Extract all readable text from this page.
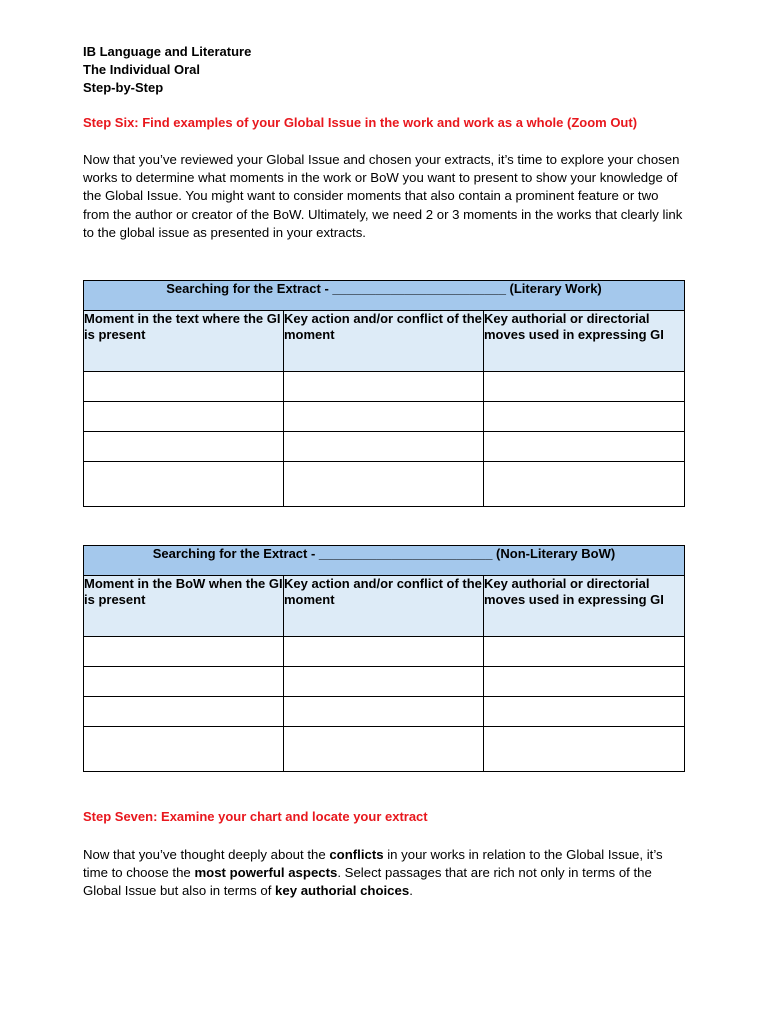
IB Language and Literature
The Individual Oral
Step-by-Step
Step Six: Find examples of your Global Issue in the work and work as a whole (Zoom Out)
Now that you’ve reviewed your Global Issue and chosen your extracts, it’s time to explore your chosen works to determine what moments in the work or BoW you want to present to show your knowledge of the Global Issue. You might want to consider moments that also contain a prominent feature or two from the author or creator of the BoW. Ultimately, we need 2 or 3 moments in the works that clearly link to the global issue as presented in your extracts.
Searching for the Extract - ________________________ (Literary Work)		
Moment in the text where the GI is present	Key action and/or conflict of the moment	Key authorial or directorial moves used in expressing GI

Searching for the Extract - ________________________ (Non-Literary BoW)		
Moment in the BoW when the GI is present	Key action and/or conflict of the moment	Key authorial or directorial moves used in expressing GI

Step Seven: Examine your chart and locate your extract
Now that you’ve thought deeply about the conflicts in your works in relation to the Global Issue, it’s time to choose the most powerful aspects. Select passages that are rich not only in terms of the Global Issue but also in terms of key authorial choices.
